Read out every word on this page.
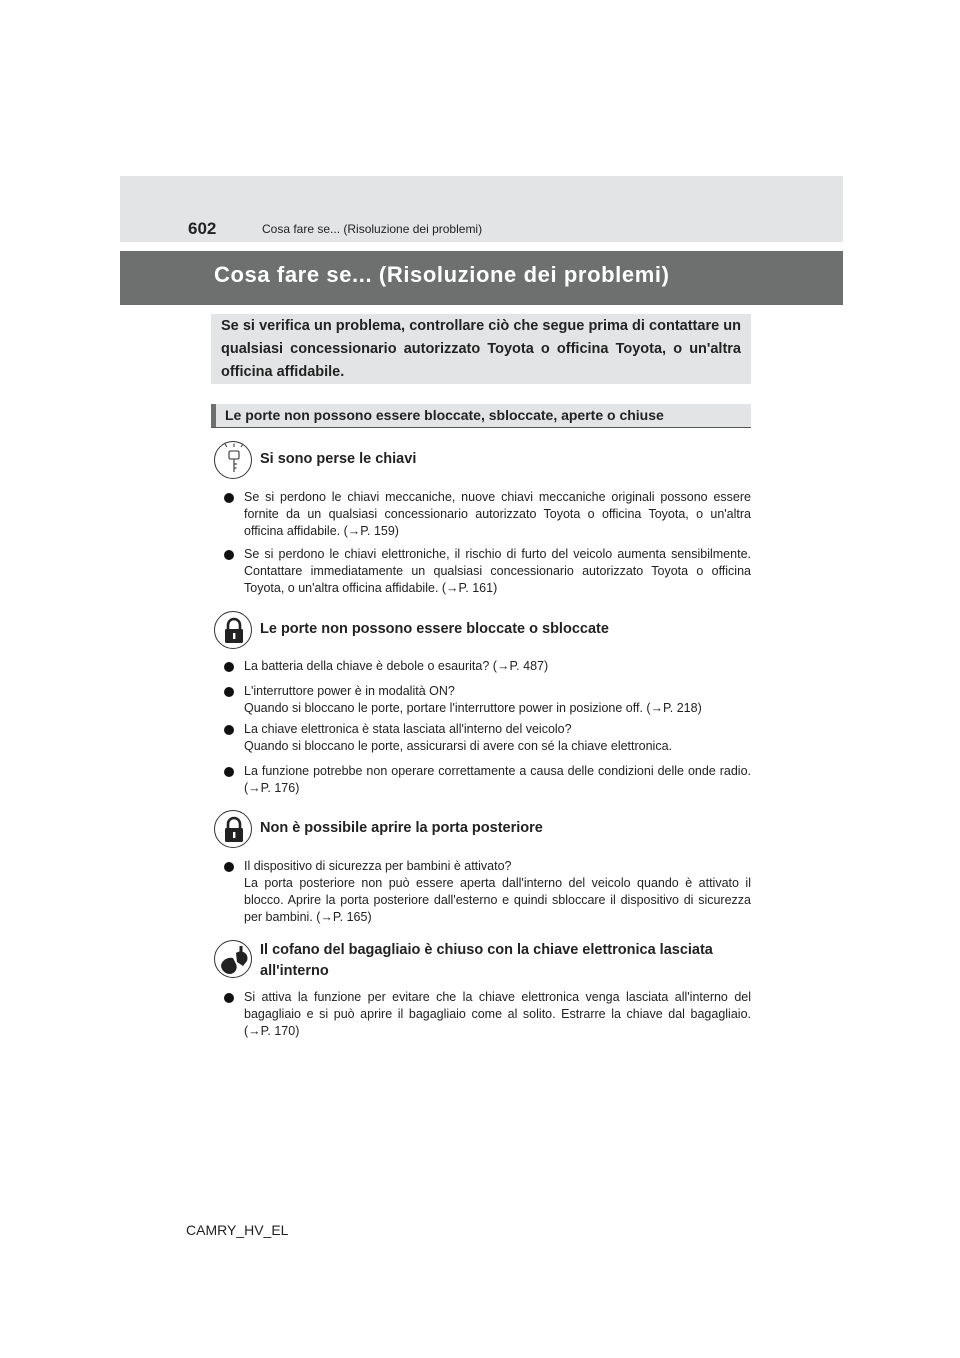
602	Cosa fare se... (Risoluzione dei problemi)
Cosa fare se... (Risoluzione dei problemi)

Se si verifica un problema, controllare ciò che segue prima di contattare un qualsiasi concessionario autorizzato Toyota o officina Toyota, o un'altra officina affidabile.

Le porte non possono essere bloccate, sbloccate, aperte o chiuse
Si sono perse le chiavi

Se si perdono le chiavi meccaniche, nuove chiavi meccaniche originali possono essere fornite da un qualsiasi concessionario autorizzato Toyota o officina Toyota, o un'altra officina affidabile. (→P. 159)

Se si perdono le chiavi elettroniche, il rischio di furto del veicolo aumenta sensibilmente. Contattare immediatamente un qualsiasi concessionario autorizzato Toyota o officina Toyota, o un'altra officina affidabile. (→P. 161)

Le porte non possono essere bloccate o sbloccate

La batteria della chiave è debole o esaurita? (→P. 487)

L'interruttore power è in modalità ON?
Quando si bloccano le porte, portare l'interruttore power in posizione off. (→P. 218)

La chiave elettronica è stata lasciata all'interno del veicolo?
Quando si bloccano le porte, assicurarsi di avere con sé la chiave elettronica.

La funzione potrebbe non operare correttamente a causa delle condizioni delle onde radio. (→P. 176)

Non è possibile aprire la porta posteriore

Il dispositivo di sicurezza per bambini è attivato?
La porta posteriore non può essere aperta dall'interno del veicolo quando è attivato il blocco. Aprire la porta posteriore dall'esterno e quindi sbloccare il dispositivo di sicurezza per bambini. (→P. 165)

Il cofano del bagagliaio è chiuso con la chiave elettronica lasciata all'interno

Si attiva la funzione per evitare che la chiave elettronica venga lasciata all'interno del bagagliaio e si può aprire il bagagliaio come al solito. Estrarre la chiave dal bagagliaio. (→P. 170)

CAMRY_HV_EL
